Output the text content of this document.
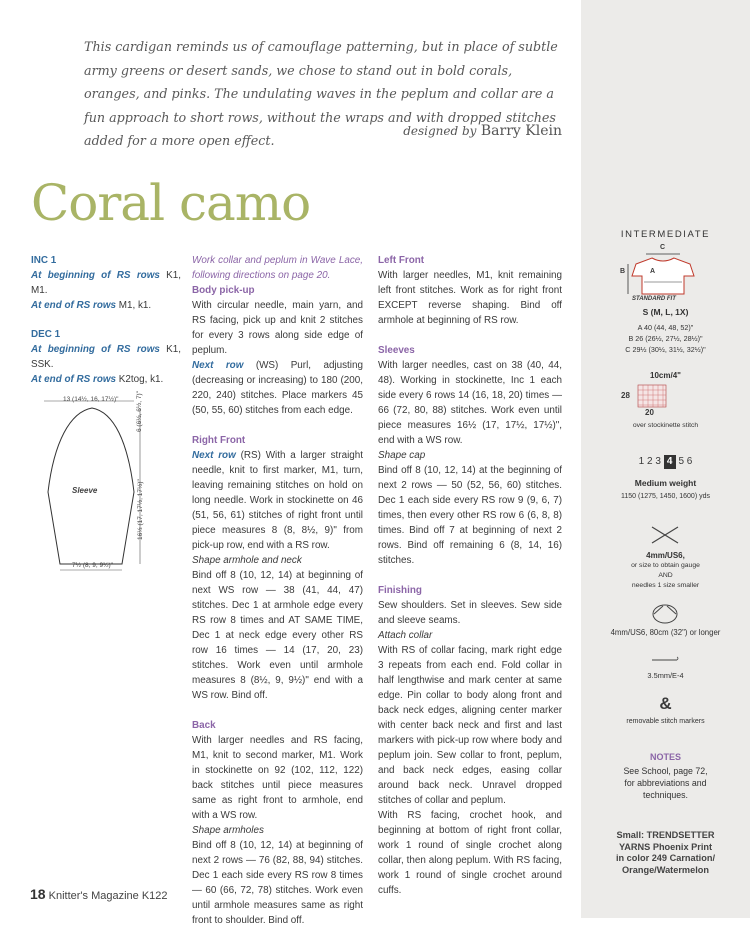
This cardigan reminds us of camouflage patterning, but in place of subtle army greens or desert sands, we chose to stand out in bold corals, oranges, and pinks. The undulating waves in the peplum and collar are a fun approach to short rows, without the wraps and with dropped stitches added for a more open effect.

designed by Barry Klein
Coral camo

INC 1

At beginning of RS rows K1, M1.

At end of RS rows M1, k1.

DEC 1

At beginning of RS rows K1, SSK.

At end of RS rows K2tog, k1.

13 (14½, 16, 17½)"	6 (6½, 6½, 7)"
16½ (17, 17½, 17½)"
7½ (8, 9, 9½)"
Sleeve

Work collar and peplum in Wave Lace, following directions on page 20.

Body pick-up

With circular needle, main yarn, and RS facing, pick up and knit 2 stitches for every 3 rows along side edge of peplum.

Next row (WS) Purl, adjusting (decreasing or increasing) to 180 (200, 220, 240) stitches. Place markers 45 (50, 55, 60) stitches from each edge.

Right Front

Next row (RS) With a larger straight needle, knit to first marker, M1, turn, leaving remaining stitches on hold on long needle. Work in stockinette on 46 (51, 56, 61) stitches of right front until piece measures 8 (8, 8½, 9)" from pick-up row, end with a RS row.

Shape armhole and neck

Bind off 8 (10, 12, 14) at beginning of next WS row — 38 (41, 44, 47) stitches. Dec 1 at armhole edge every RS row 8 times and AT SAME TIME, Dec 1 at neck edge every other RS row 16 times — 14 (17, 20, 23) stitches. Work even until armhole measures 8 (8½, 9, 9½)" end with a WS row. Bind off.

Back

With larger needles and RS facing, M1, knit to second marker, M1. Work in stockinette on 92 (102, 112, 122) back stitches until piece measures same as right front to armhole, end with a WS row.

Shape armholes

Bind off 8 (10, 12, 14) at beginning of next 2 rows — 76 (82, 88, 94) stitches. Dec 1 each side every RS row 8 times — 60 (66, 72, 78) stitches. Work even until armhole measures same as right front to shoulder. Bind off.

Left Front

With larger needles, M1, knit remaining left front stitches. Work as for right front EXCEPT reverse shaping. Bind off armhole at beginning of RS row.

Sleeves

With larger needles, cast on 38 (40, 44, 48). Working in stockinette, Inc 1 each side every 6 rows 14 (16, 18, 20) times — 66 (72, 80, 88) stitches. Work even until piece measures 16½ (17, 17½, 17½)", end with a WS row.

Shape cap

Bind off 8 (10, 12, 14) at the beginning of next 2 rows — 50 (52, 56, 60) stitches. Dec 1 each side every RS row 9 (9, 6, 7) times, then every other RS row 6 (6, 8, 8) times. Bind off 7 at beginning of next 2 rows. Bind off remaining 6 (8, 14, 16) stitches.

Finishing

Sew shoulders. Set in sleeves. Sew side and sleeve seams.

Attach collar

With RS of collar facing, mark right edge 3 repeats from each end. Fold collar in half lengthwise and mark center at same edge. Pin collar to body along front and back neck edges, aligning center marker with center back neck and first and last markers with pick-up row where body and peplum join. Sew collar to front, peplum, and back neck edges, easing collar around back neck. Unravel dropped stitches of collar and peplum.

With RS facing, crochet hook, and beginning at bottom of right front collar, work 1 round of single crochet along collar, then along peplum. With RS facing, work 1 round of single crochet around cuffs.

INTERMEDIATE
C
B	A
STANDARD FIT
S (M, L, 1X)
A 40 (44, 48, 52)"
B 26 (26½, 27½, 28½)"
C 29½ (30½, 31½, 32½)"
10cm/4"
28
20
over stockinette stitch
1 2 3 4 5 6
Medium weight
1150 (1275, 1450, 1600) yds
4mm/US6,
or size to obtain gauge
AND
needles 1 size smaller
4mm/US6, 80cm (32") or longer
3.5mm/E-4
&
removable stitch markers
NOTES
See School, page 72,
for abbreviations and
techniques.
Small: TRENDSETTER
YARNS Phoenix Print
in color 249 Carnation/
Orange/Watermelon
18 Knitter's Magazine K122
